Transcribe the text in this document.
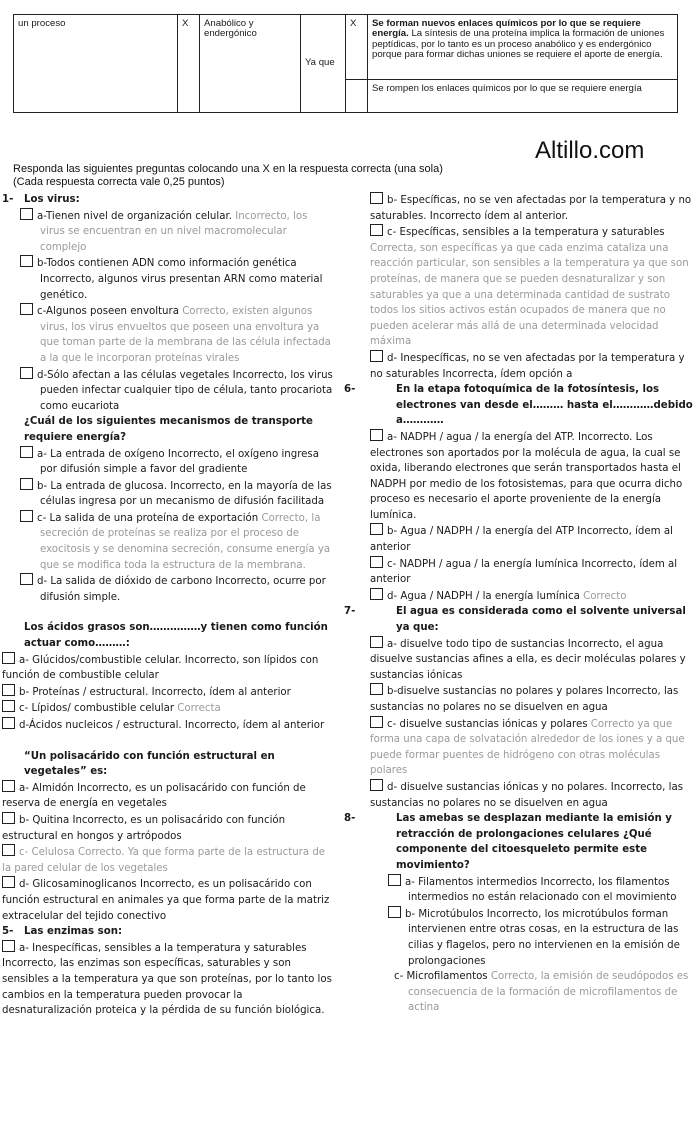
un proceso	X	Anabólico y endergónico	Ya que	X	Se forman nuevos enlaces químicos por lo que se requiere energía. La síntesis de una proteína implica la formación de uniones peptídicas, por lo tanto es un proceso anabólico y es endergónico porque para formar dichas uniones se requiere el aporte de energía.
					Se rompen los enlaces químicos por lo que se requiere energía
Altillo.com
Responda las siguientes preguntas colocando una X en la respuesta correcta (una sola)
(Cada respuesta correcta vale 0,25 puntos)
1- Los virus:
a-Tienen nivel de organización celular. Incorrecto, los virus se encuentran en un nivel macromolecular complejo
b-Todos contienen ADN como información genética Incorrecto, algunos virus presentan ARN como material genético.
c-Algunos poseen envoltura Correcto, existen algunos virus, los virus envueltos que poseen una envoltura ya que toman parte de la membrana de las célula infectada a la que le incorporan proteínas virales
d-Sólo afectan a las células vegetales Incorrecto, los virus pueden infectar cualquier tipo de célula, tanto procariota como eucariota
¿Cuál de los siguientes mecanismos de transporte requiere energía?
a- La entrada de oxígeno Incorrecto, el oxígeno ingresa por difusión simple a favor del gradiente
b- La entrada de glucosa. Incorrecto, en la mayoría de las células ingresa por un mecanismo de difusión facilitada
c- La salida de una proteína de exportación Correcto, la secreción de proteínas se realiza por el proceso de exocitosis y se denomina secreción, consume energía ya que se modifica toda la estructura de la membrana.
d- La salida de dióxido de carbono Incorrecto, ocurre por difusión simple.
Los ácidos grasos son……………y tienen como función actuar como………:
a- Glúcidos/combustible celular. Incorrecto, son lípidos con función de combustible celular
b- Proteínas / estructural. Incorrecto, ídem al anterior
c- Lípidos/ combustible celular Correcta
d-Ácidos nucleicos / estructural. Incorrecto, ídem al anterior
“Un polisacárido con función estructural en vegetales” es:
a- Almidón Incorrecto, es un polisacárido con función de reserva de energía en vegetales
b- Quitina Incorrecto, es un polisacárido con función estructural en hongos y artrópodos
c- Celulosa Correcto. Ya que forma parte de la estructura de la pared celular de los vegetales
d- Glicosaminoglicanos Incorrecto, es un polisacárido con función estructural en animales ya que forma parte de la matriz extracelular del tejido conectivo
5- Las enzimas son:
a- Inespecíficas, sensibles a la temperatura y saturables Incorrecto, las enzimas son específicas, saturables y son sensibles a la temperatura ya que son proteínas, por lo tanto los cambios en la temperatura pueden provocar la desnaturalización proteica y la pérdida de su función biológica.
b- Específicas, no se ven afectadas por la temperatura y no saturables. Incorrecto ídem al anterior.
c- Específicas, sensibles a la temperatura y saturables Correcta, son específicas ya que cada enzima cataliza una reacción particular, son sensibles a la temperatura ya que son proteínas, de manera que se pueden desnaturalizar y son saturables ya que a una determinada cantidad de sustrato todos los sitios activos están ocupados de manera que no pueden acelerar más allá de una determinada velocidad máxima
d- Inespecíficas, no se ven afectadas por la temperatura y no saturables Incorrecta, ídem opción a
6-	En la etapa fotoquímica de la fotosíntesis, los electrones van desde el……… hasta el…………debido a…………
a- NADPH / agua / la energía del ATP. Incorrecto. Los electrones son aportados por la molécula de agua, la cual se oxida, liberando electrones que serán transportados hasta el NADPH por medio de los fotosistemas, para que ocurra dicho proceso es necesario el aporte proveniente de la energía lumínica.
b- Agua / NADPH / la energía del ATP Incorrecto, ídem al anterior
c- NADPH / agua / la energía lumínica Incorrecto, ídem al anterior
d- Agua / NADPH / la energía lumínica Correcto
7-	El agua es considerada como el solvente universal ya que:
a- disuelve todo tipo de sustancias Incorrecto, el agua disuelve sustancias afines a ella, es decir moléculas polares y sustancias iónicas
b-disuelve sustancias no polares y polares Incorrecto, las sustancias no polares no se disuelven en agua
c- disuelve sustancias iónicas y polares Correcto ya que forma una capa de solvatación alrededor de los iones y a que puede formar puentes de hidrógeno con otras moléculas polares
d- disuelve sustancias iónicas y no polares. Incorrecto, las sustancias no polares no se disuelven en agua
8-	Las amebas se desplazan mediante la emisión y retracción de prolongaciones celulares ¿Qué componente del citoesqueleto permite este movimiento?
a- Filamentos intermedios Incorrecto, los filamentos intermedios no están relacionado con el movimiento
b- Microtúbulos Incorrecto, los microtúbulos forman intervienen entre otras cosas, en la estructura de las cilias y flagelos, pero no intervienen en la emisión de prolongaciones
c- Microfilamentos Correcto, la emisión de seudópodos es consecuencia de la formación de microfilamentos de actina
